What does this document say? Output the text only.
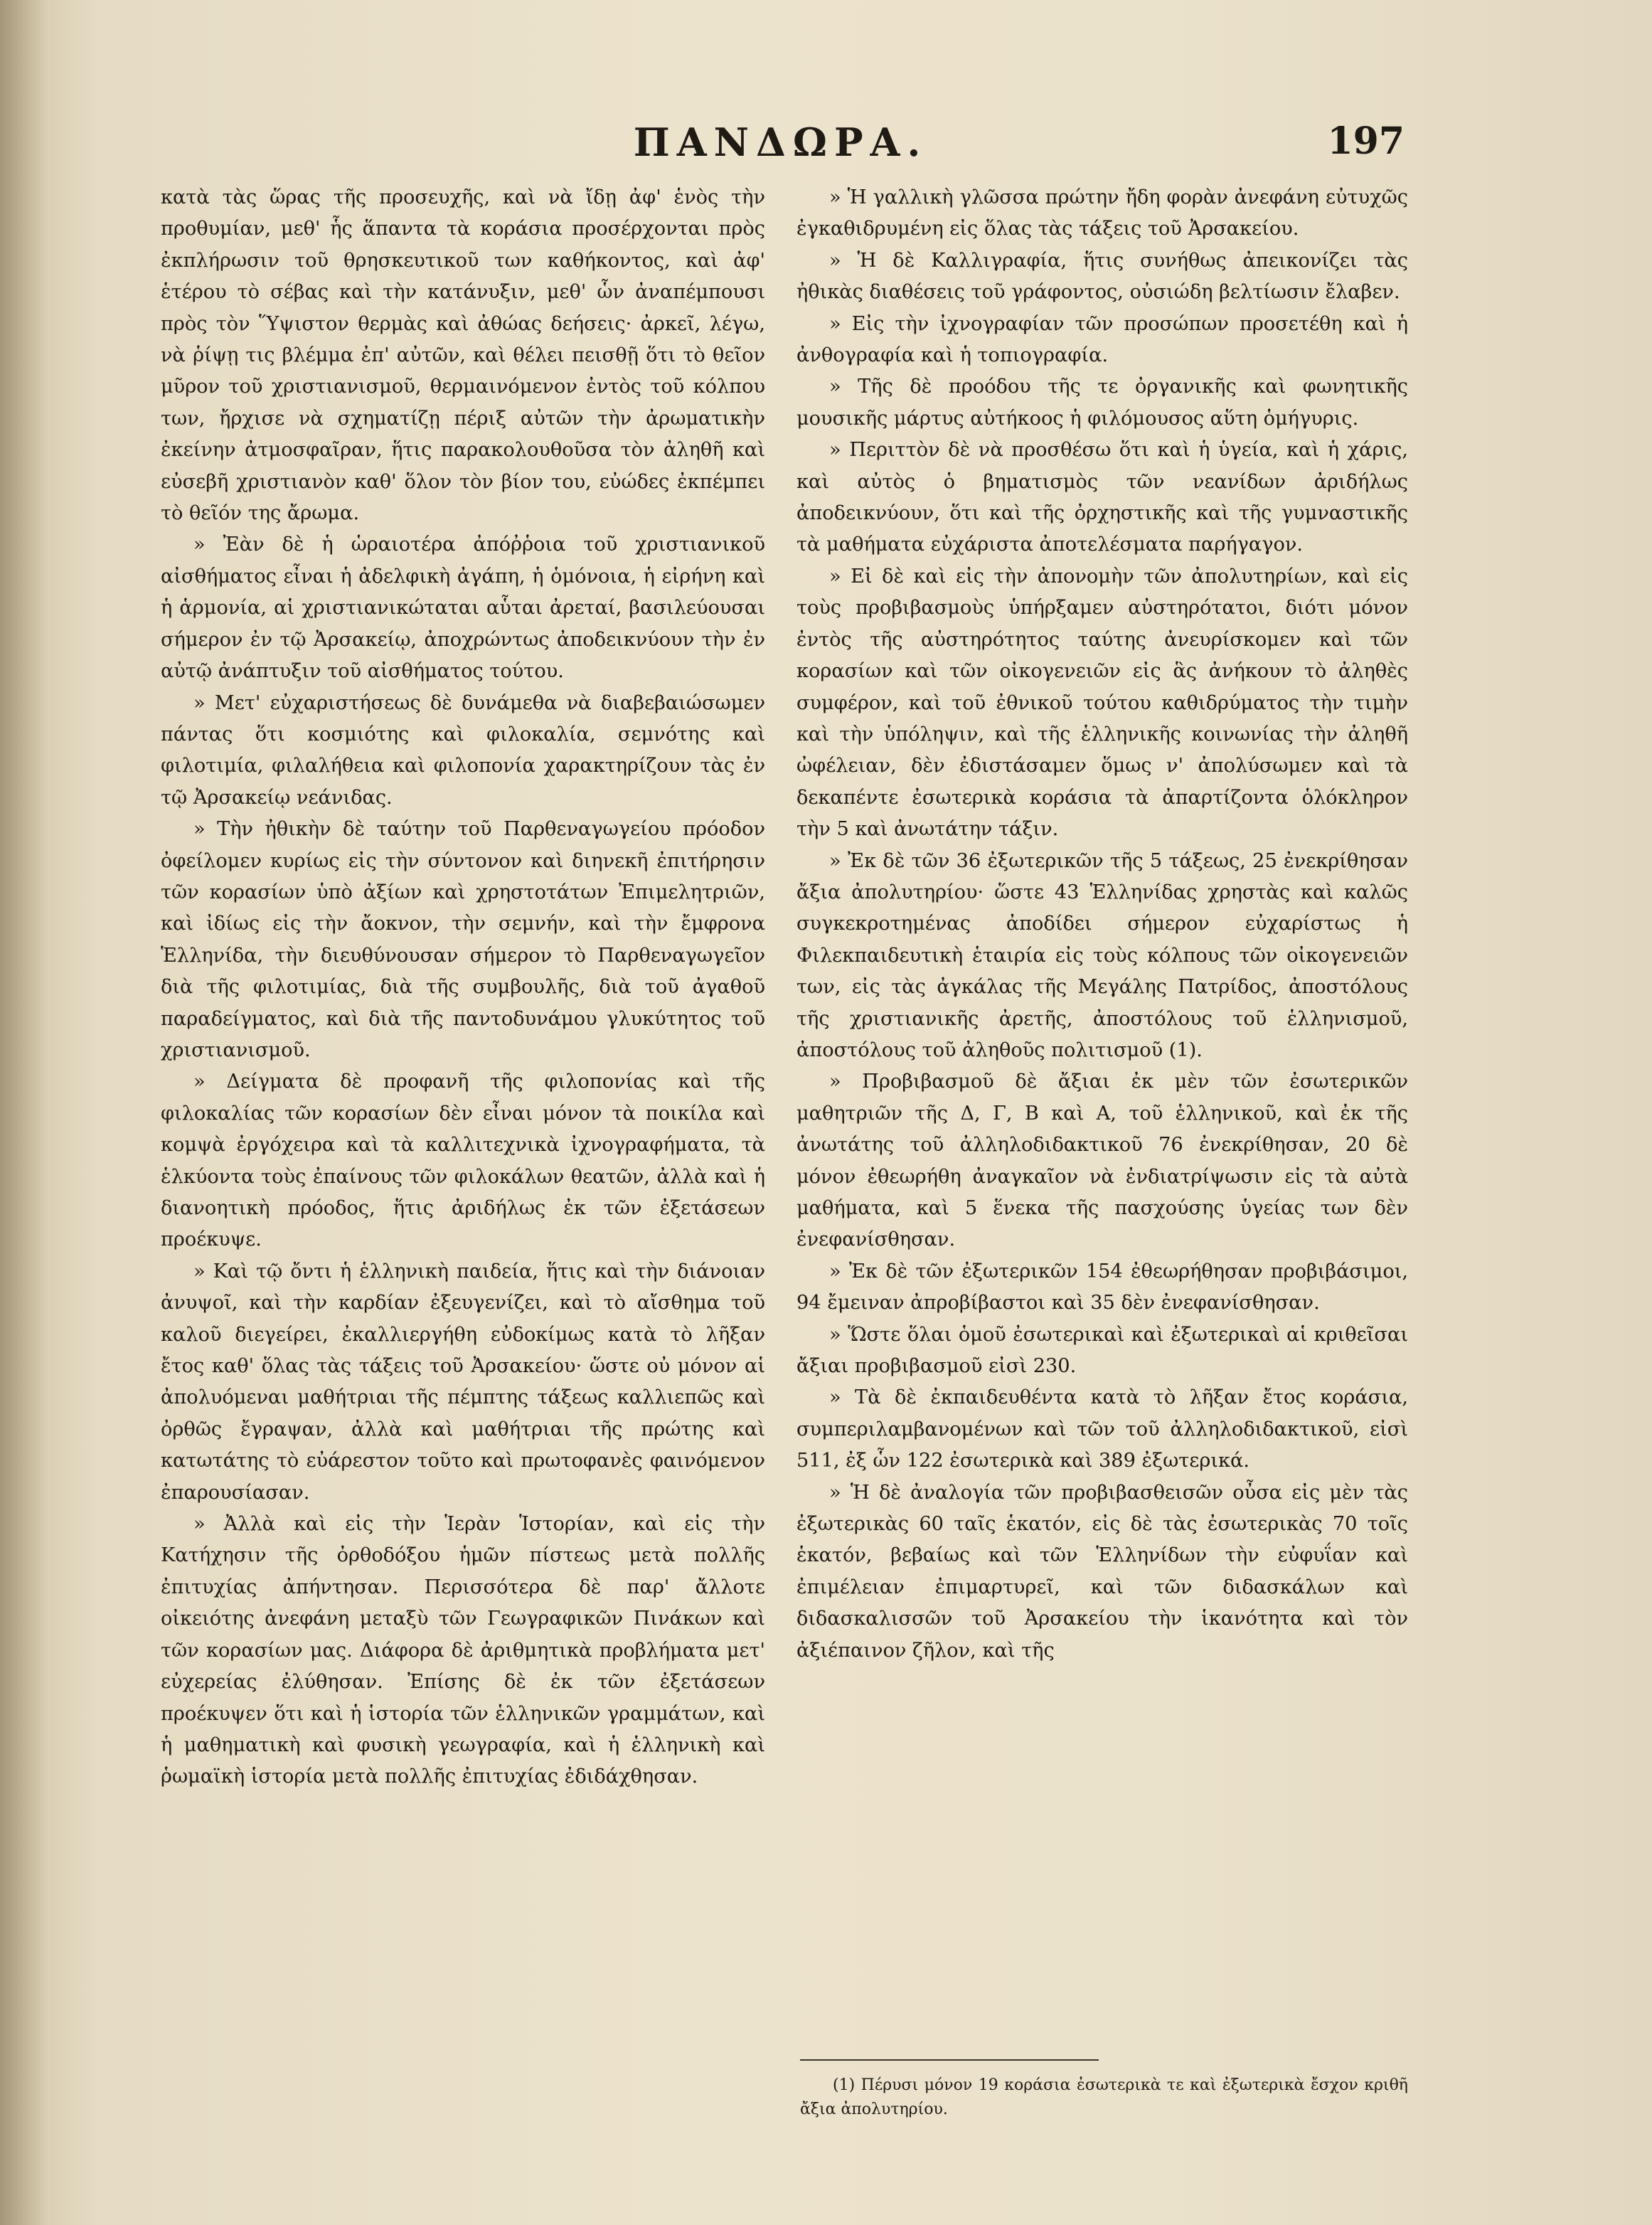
ΠΑΝΔΩΡΑ.	197

κατὰ τὰς ὥρας τῆς προσευχῆς, καὶ νὰ ἴδῃ ἀφ' ἑνὸς τὴν προθυμίαν, μεθ' ἧς ἅπαντα τὰ κοράσια προσέρχονται πρὸς ἐκπλήρωσιν τοῦ θρησκευτικοῦ των καθήκοντος, καὶ ἀφ' ἑτέρου τὸ σέβας καὶ τὴν κατάνυξιν, μεθ' ὧν ἀναπέμπουσι πρὸς τὸν Ὕψιστον θερμὰς καὶ ἀθώας δεήσεις· ἀρκεῖ, λέγω, νὰ ῥίψῃ τις βλέμμα ἐπ' αὐτῶν, καὶ θέλει πεισθῇ ὅτι τὸ θεῖον μῦρον τοῦ χριστιανισμοῦ, θερμαινόμενον ἐντὸς τοῦ κόλπου των, ἤρχισε νὰ σχηματίζῃ πέριξ αὐτῶν τὴν ἀρωματικὴν ἐκείνην ἀτμοσφαῖραν, ἥτις παρακολουθοῦσα τὸν ἀληθῆ καὶ εὐσεβῆ χριστιανὸν καθ' ὅλον τὸν βίον του, εὐώδες ἐκπέμπει τὸ θεῖόν της ἄρωμα.

» Ἐὰν δὲ ἡ ὡραιοτέρα ἀπόῤῥοια τοῦ χριστιανικοῦ αἰσθήματος εἶναι ἡ ἀδελφικὴ ἀγάπη, ἡ ὁμόνοια, ἡ εἰρήνη καὶ ἡ ἁρμονία, αἱ χριστιανικώταται αὗται ἀρεταί, βασιλεύουσαι σήμερον ἐν τῷ Ἀρσακείῳ, ἀποχρώντως ἀποδεικνύουν τὴν ἐν αὐτῷ ἀνάπτυξιν τοῦ αἰσθήματος τούτου.

» Μετ' εὐχαριστήσεως δὲ δυνάμεθα νὰ διαβεβαιώσωμεν πάντας ὅτι κοσμιότης καὶ φιλοκαλία, σεμνότης καὶ φιλοτιμία, φιλαλήθεια καὶ φιλοπονία χαρακτηρίζουν τὰς ἐν τῷ Ἀρσακείῳ νεάνιδας.

» Τὴν ἠθικὴν δὲ ταύτην τοῦ Παρθεναγωγείου πρόοδον ὀφείλομεν κυρίως εἰς τὴν σύντονον καὶ διηνεκῆ ἐπιτήρησιν τῶν κορασίων ὑπὸ ἀξίων καὶ χρηστοτάτων Ἐπιμελητριῶν, καὶ ἰδίως εἰς τὴν ἄοκνον, τὴν σεμνήν, καὶ τὴν ἔμφρονα Ἑλληνίδα, τὴν διευθύνουσαν σήμερον τὸ Παρθεναγωγεῖον διὰ τῆς φιλοτιμίας, διὰ τῆς συμβουλῆς, διὰ τοῦ ἀγαθοῦ παραδείγματος, καὶ διὰ τῆς παντοδυνάμου γλυκύτητος τοῦ χριστιανισμοῦ.

» Δείγματα δὲ προφανῆ τῆς φιλοπονίας καὶ τῆς φιλοκαλίας τῶν κορασίων δὲν εἶναι μόνον τὰ ποικίλα καὶ κομψὰ ἐργόχειρα καὶ τὰ καλλιτεχνικὰ ἰχνογραφήματα, τὰ ἑλκύοντα τοὺς ἐπαίνους τῶν φιλοκάλων θεατῶν, ἀλλὰ καὶ ἡ διανοητικὴ πρόοδος, ἥτις ἀριδήλως ἐκ τῶν ἐξετάσεων προέκυψε.

» Καὶ τῷ ὄντι ἡ ἑλληνικὴ παιδεία, ἥτις καὶ τὴν διάνοιαν ἀνυψοῖ, καὶ τὴν καρδίαν ἐξευγενίζει, καὶ τὸ αἴσθημα τοῦ καλοῦ διεγείρει, ἐκαλλιεργήθη εὐδοκίμως κατὰ τὸ λῆξαν ἔτος καθ' ὅλας τὰς τάξεις τοῦ Ἀρσακείου· ὥστε οὐ μόνον αἱ ἀπολυόμεναι μαθήτριαι τῆς πέμπτης τάξεως καλλιεπῶς καὶ ὀρθῶς ἔγραψαν, ἀλλὰ καὶ μαθήτριαι τῆς πρώτης καὶ κατωτάτης τὸ εὐάρεστον τοῦτο καὶ πρωτοφανὲς φαινόμενον ἐπαρουσίασαν.

» Ἀλλὰ καὶ εἰς τὴν Ἱερὰν Ἱστορίαν, καὶ εἰς τὴν Κατήχησιν τῆς ὀρθοδόξου ἡμῶν πίστεως μετὰ πολλῆς ἐπιτυχίας ἀπήντησαν. Περισσότερα δὲ παρ' ἄλλοτε οἰκειότης ἀνεφάνη μεταξὺ τῶν Γεωγραφικῶν Πινάκων καὶ τῶν κορασίων μας. Διάφορα δὲ ἀριθμητικὰ προβλήματα μετ' εὐχερείας ἐλύθησαν. Ἐπίσης δὲ ἐκ τῶν ἐξετάσεων προέκυψεν ὅτι καὶ ἡ ἱστορία τῶν ἑλληνικῶν γραμμάτων, καὶ ἡ μαθηματικὴ καὶ φυσικὴ γεωγραφία, καὶ ἡ ἑλληνικὴ καὶ ῥωμαϊκὴ ἱστορία μετὰ πολλῆς ἐπιτυχίας ἐδιδάχθησαν.

» Ἡ γαλλικὴ γλῶσσα πρώτην ἤδη φορὰν ἀνεφάνη εὐτυχῶς ἐγκαθιδρυμένη εἰς ὅλας τὰς τάξεις τοῦ Ἀρσακείου.

» Ἡ δὲ Καλλιγραφία, ἥτις συνήθως ἀπεικονίζει τὰς ἠθικὰς διαθέσεις τοῦ γράφοντος, οὐσιώδη βελτίωσιν ἔλαβεν.

» Εἰς τὴν ἰχνογραφίαν τῶν προσώπων προσετέθη καὶ ἡ ἀνθογραφία καὶ ἡ τοπιογραφία.

» Τῆς δὲ προόδου τῆς τε ὀργανικῆς καὶ φωνητικῆς μουσικῆς μάρτυς αὐτήκοος ἡ φιλόμουσος αὕτη ὁμήγυρις.

» Περιττὸν δὲ νὰ προσθέσω ὅτι καὶ ἡ ὑγεία, καὶ ἡ χάρις, καὶ αὐτὸς ὁ βηματισμὸς τῶν νεανίδων ἀριδήλως ἀποδεικνύουν, ὅτι καὶ τῆς ὀρχηστικῆς καὶ τῆς γυμναστικῆς τὰ μαθήματα εὐχάριστα ἀποτελέσματα παρήγαγον.

» Εἰ δὲ καὶ εἰς τὴν ἀπονομὴν τῶν ἀπολυτηρίων, καὶ εἰς τοὺς προβιβασμοὺς ὑπήρξαμεν αὐστηρότατοι, διότι μόνον ἐντὸς τῆς αὐστηρότητος ταύτης ἀνευρίσκομεν καὶ τῶν κορασίων καὶ τῶν οἰκογενειῶν εἰς ἃς ἀνήκουν τὸ ἀληθὲς συμφέρον, καὶ τοῦ ἐθνικοῦ τούτου καθιδρύματος τὴν τιμὴν καὶ τὴν ὑπόληψιν, καὶ τῆς ἑλληνικῆς κοινωνίας τὴν ἀληθῆ ὠφέλειαν, δὲν ἐδιστάσαμεν ὅμως ν' ἀπολύσωμεν καὶ τὰ δεκαπέντε ἐσωτερικὰ κοράσια τὰ ἀπαρτίζοντα ὁλόκληρον τὴν 5 καὶ ἀνωτάτην τάξιν.

» Ἐκ δὲ τῶν 36 ἐξωτερικῶν τῆς 5 τάξεως, 25 ἐνεκρίθησαν ἄξια ἀπολυτηρίου· ὥστε 43 Ἑλληνίδας χρηστὰς καὶ καλῶς συγκεκροτημένας ἀποδίδει σήμερον εὐχαρίστως ἡ Φιλεκπαιδευτικὴ ἑταιρία εἰς τοὺς κόλπους τῶν οἰκογενειῶν των, εἰς τὰς ἀγκάλας τῆς Μεγάλης Πατρίδος, ἀποστόλους τῆς χριστιανικῆς ἀρετῆς, ἀποστόλους τοῦ ἑλληνισμοῦ, ἀποστόλους τοῦ ἀληθοῦς πολιτισμοῦ (1).

» Προβιβασμοῦ δὲ ἄξιαι ἐκ μὲν τῶν ἐσωτερικῶν μαθητριῶν τῆς Δ, Γ, Β καὶ Α, τοῦ ἑλληνικοῦ, καὶ ἐκ τῆς ἀνωτάτης τοῦ ἀλληλοδιδακτικοῦ 76 ἐνεκρίθησαν, 20 δὲ μόνον ἐθεωρήθη ἀναγκαῖον νὰ ἐνδιατρίψωσιν εἰς τὰ αὐτὰ μαθήματα, καὶ 5 ἕνεκα τῆς πασχούσης ὑγείας των δὲν ἐνεφανίσθησαν.

» Ἐκ δὲ τῶν ἐξωτερικῶν 154 ἐθεωρήθησαν προβιβάσιμοι, 94 ἔμειναν ἀπροβίβαστοι καὶ 35 δὲν ἐνεφανίσθησαν.

» Ὥστε ὅλαι ὁμοῦ ἐσωτερικαὶ καὶ ἐξωτερικαὶ αἱ κριθεῖσαι ἄξιαι προβιβασμοῦ εἰσὶ 230.

» Τὰ δὲ ἐκπαιδευθέντα κατὰ τὸ λῆξαν ἔτος κοράσια, συμπεριλαμβανομένων καὶ τῶν τοῦ ἀλληλοδιδακτικοῦ, εἰσὶ 511, ἐξ ὧν 122 ἐσωτερικὰ καὶ 389 ἐξωτερικά.

» Ἡ δὲ ἀναλογία τῶν προβιβασθεισῶν οὖσα εἰς μὲν τὰς ἐξωτερικὰς 60 ταῖς ἑκατόν, εἰς δὲ τὰς ἐσωτερικὰς 70 τοῖς ἑκατόν, βεβαίως καὶ τῶν Ἑλληνίδων τὴν εὐφυΐαν καὶ ἐπιμέλειαν ἐπιμαρτυρεῖ, καὶ τῶν διδασκάλων καὶ διδασκαλισσῶν τοῦ Ἀρσακείου τὴν ἱκανότητα καὶ τὸν ἀξιέπαινον ζῆλον, καὶ τῆς

(1) Πέρυσι μόνον 19 κοράσια ἐσωτερικὰ τε καὶ ἐξωτερικὰ ἔσχον κριθῆ ἄξια ἀπολυτηρίου.
